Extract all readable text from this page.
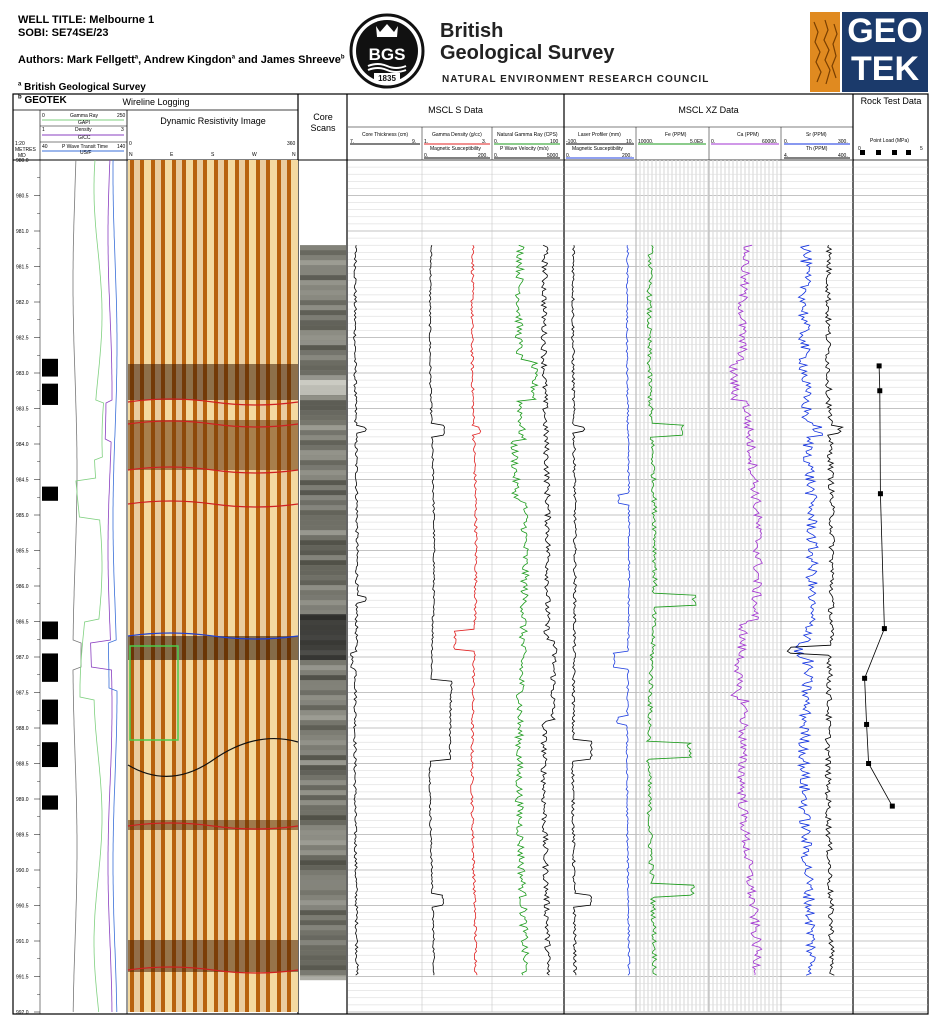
WELL TITLE: Melbourne 1
SOBI: SE74SE/23
Authors: Mark Fellgett$^a$, Andrew Kingdon$^a$ and James Shreeve$^b$
$^a$ British Geological Survey
$^b$ GEOTEK
BGS
1835
British
Geological Survey
NATURAL ENVIRONMENT RESEARCH COUNCIL
GEO
TEK
980.0
980.5
981.0
981.5
982.0
982.5
983.0
983.5
984.0
984.5
985.0
985.5
986.0
986.5
987.0
987.5
988.0
988.5
989.0
989.5
990.0
990.5
991.0
991.5
992.0
Wireline Logging
Dynamic Resistivity Image	Core Scans
MSCL S Data	MSCL XZ Data
Rock Test Data
0	Gamma Ray	250
GAPI
1	Density	3
G/CC
1:20
METRES
MD
40	P Wave Transit Time 140
US/F	N	E	S	W	N
0	360
Core Thickness (cm)
7.	9.
Gamma Density (g/cc)
1.	3.
Magnetic Susceptibility
0.	200.
Natural Gamma Ray (CPS)
0.	100
P Wave Velocity (m/s)
0.	5000
Laser Profiler (mm)
-100.	10.
Magnetic Susceptibility
0.	200.
Fe (PPM)
10000.	5.0E5
Ca (PPM)
0.	60000.
Sr (PPM)
0.	300.
Th (PPM)
4.	400.
Point Load (MPa)
0	5
